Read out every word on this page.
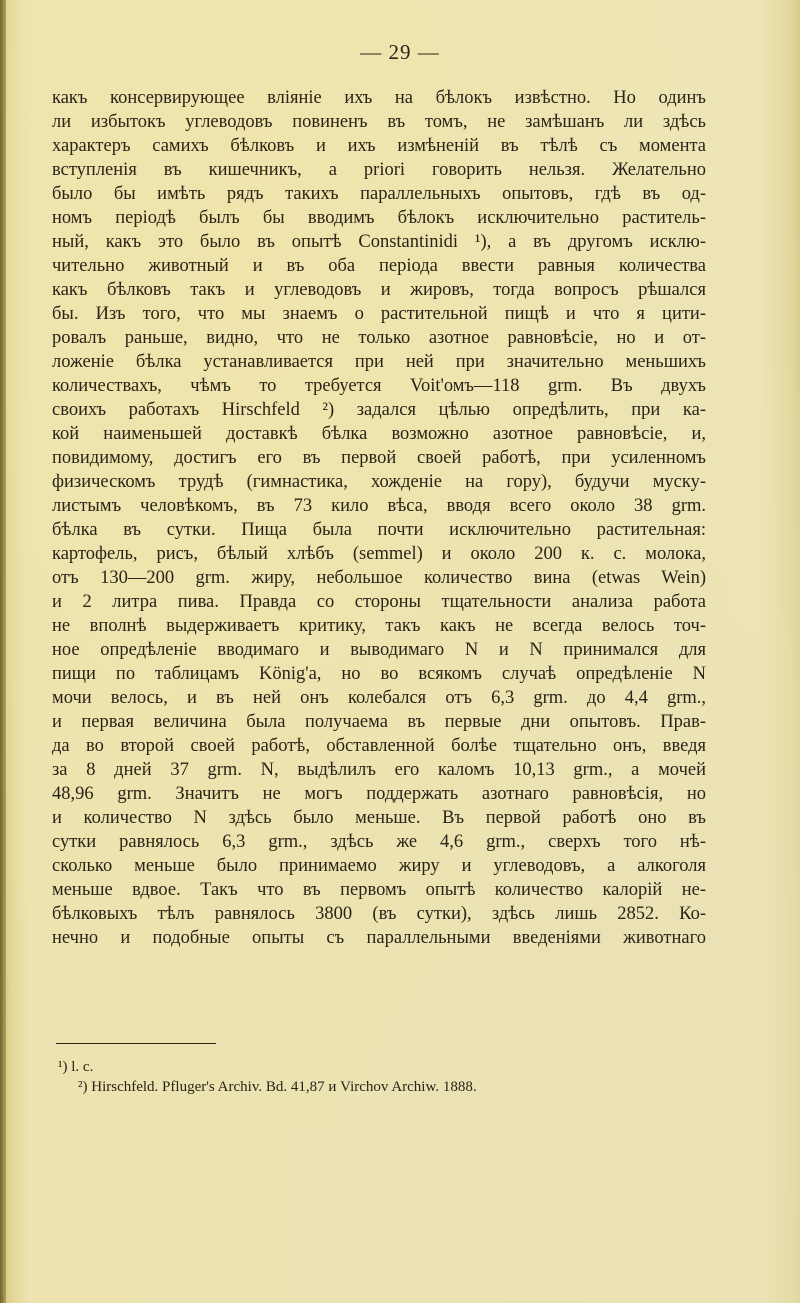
— 29 —
какъ консервирующее вліяніе ихъ на бѣлокъ извѣстно. Но одинъ
ли избытокъ углеводовъ повиненъ въ томъ, не замѣшанъ ли здѣсь
характеръ самихъ бѣлковъ и ихъ измѣненій въ тѣлѣ съ момента
вступленія въ кишечникъ, а priori говорить нельзя. Желательно
было бы имѣть рядъ такихъ параллельныхъ опытовъ, гдѣ въ од-
номъ періодѣ былъ бы вводимъ бѣлокъ исключительно раститель-
ный, какъ это было въ опытѣ Constantinidi ¹), а въ другомъ исклю-
чительно животный и въ оба періода ввести равныя количества
какъ бѣлковъ такъ и углеводовъ и жировъ, тогда вопросъ рѣшался
бы. Изъ того, что мы знаемъ о растительной пищѣ и что я цити-
ровалъ раньше, видно, что не только азотное равновѣсіе, но и от-
ложеніе бѣлка устанавливается при ней при значительно меньшихъ
количествахъ, чѣмъ то требуется Voit'омъ—118 grm. Въ двухъ
своихъ работахъ Hirschfeld ²) задался цѣлью опредѣлить, при ка-
кой наименьшей доставкѣ бѣлка возможно азотное равновѣсіе, и,
повидимому, достигъ его въ первой своей работѣ, при усиленномъ
физическомъ трудѣ (гимнастика, хожденіе на гору), будучи муску-
листымъ человѣкомъ, въ 73 кило вѣса, вводя всего около 38 grm.
бѣлка въ сутки. Пища была почти исключительно растительная:
картофель, рисъ, бѣлый хлѣбъ (semmel) и около 200 к. с. молока,
отъ 130—200 grm. жиру, небольшое количество вина (etwas Wein)
и 2 литра пива. Правда со стороны тщательности анализа работа
не вполнѣ выдерживаетъ критику, такъ какъ не всегда велось точ-
ное опредѣленіе вводимаго и выводимаго N и N принимался для
пищи по таблицамъ König'a, но во всякомъ случаѣ опредѣленіе N
мочи велось, и въ ней онъ колебался отъ 6,3 grm. до 4,4 grm.,
и первая величина была получаема въ первые дни опытовъ. Прав-
да во второй своей работѣ, обставленной болѣе тщательно онъ, введя
за 8 дней 37 grm. N, выдѣлилъ его каломъ 10,13 grm., а мочей
48,96 grm. Значитъ не могъ поддержать азотнаго равновѣсія, но
и количество N здѣсь было меньше. Въ первой работѣ оно въ
сутки равнялось 6,3 grm., здѣсь же 4,6 grm., сверхъ того нѣ-
сколько меньше было принимаемо жиру и углеводовъ, а алкоголя
меньше вдвое. Такъ что въ первомъ опытѣ количество калорій не-
бѣлковыхъ тѣлъ равнялось 3800 (въ сутки), здѣсь лишь 2852. Ко-
нечно и подобные опыты съ параллельными введеніями животнаго
¹) l. c.
²) Hirschfeld. Pfluger's Archiv. Bd. 41,87 и Virchov Archiw. 1888.
